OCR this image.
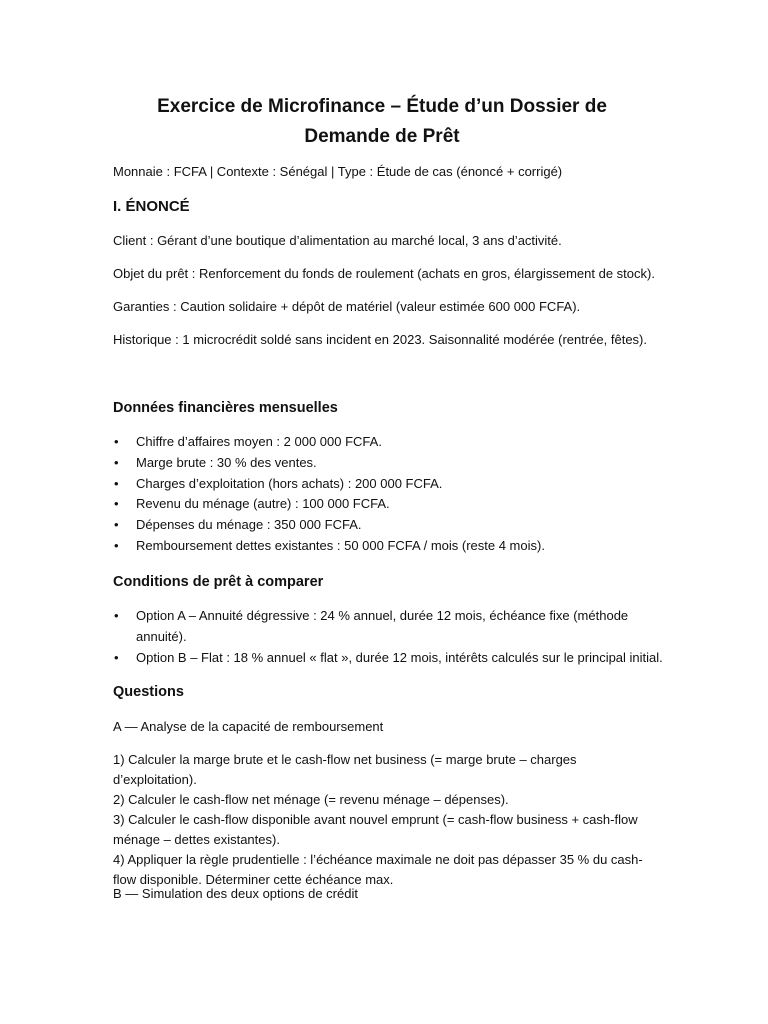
Exercice de Microfinance – Étude d’un Dossier de Demande de Prêt
Monnaie : FCFA | Contexte : Sénégal | Type : Étude de cas (énoncé + corrigé)
I. ÉNONCÉ
Client : Gérant d’une boutique d’alimentation au marché local, 3 ans d’activité.
Objet du prêt : Renforcement du fonds de roulement (achats en gros, élargissement de stock).
Garanties : Caution solidaire + dépôt de matériel (valeur estimée 600 000 FCFA).
Historique : 1 microcrédit soldé sans incident en 2023. Saisonnalité modérée (rentrée, fêtes).
Données financières mensuelles
• Chiffre d’affaires moyen : 2 000 000 FCFA.
• Marge brute : 30 % des ventes.
• Charges d’exploitation (hors achats) : 200 000 FCFA.
• Revenu du ménage (autre) : 100 000 FCFA.
• Dépenses du ménage : 350 000 FCFA.
• Remboursement dettes existantes : 50 000 FCFA / mois (reste 4 mois).
Conditions de prêt à comparer
• Option A – Annuité dégressive : 24 % annuel, durée 12 mois, échéance fixe (méthode annuité).
• Option B – Flat : 18 % annuel « flat », durée 12 mois, intérêts calculés sur le principal initial.
Questions
A — Analyse de la capacité de remboursement
1) Calculer la marge brute et le cash-flow net business (= marge brute – charges d’exploitation).
2) Calculer le cash-flow net ménage (= revenu ménage – dépenses).
3) Calculer le cash-flow disponible avant nouvel emprunt (= cash-flow business + cash-flow ménage – dettes existantes).
4) Appliquer la règle prudentielle : l’échéance maximale ne doit pas dépasser 35 % du cash-flow disponible. Déterminer cette échéance max.
B — Simulation des deux options de crédit
